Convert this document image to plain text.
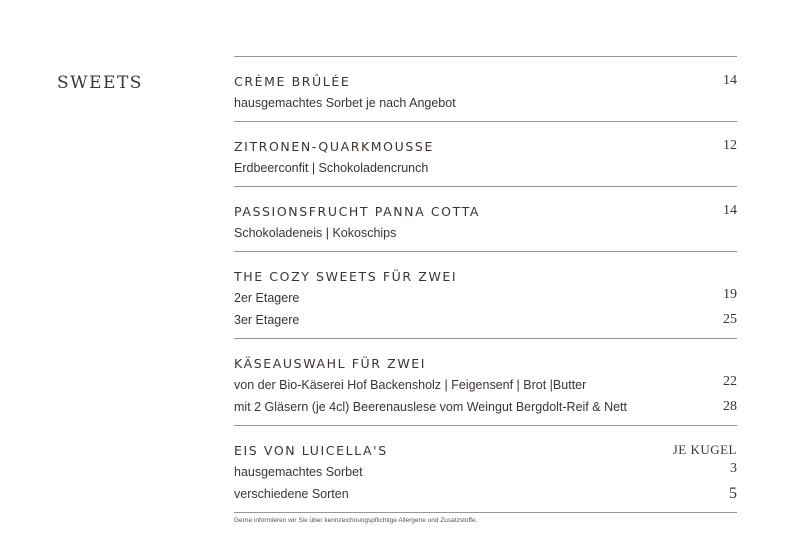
SWEETS	CRÈME BRÛLÉE	14
hausgemachtes Sorbet je nach Angebot
ZITRONEN-QUARKMOUSSE	12
Erdbeerconfit | Schokoladencrunch
PASSIONSFRUCHT PANNA COTTA	14
Schokoladeneis | Kokoschips
THE COZY SWEETS FÜR ZWEI
2er Etagere	19
3er Etagere	25
KÄSEAUSWAHL FÜR ZWEI
von der Bio-Käserei Hof Backensholz | Feigensenf | Brot |Butter	22
mit 2 Gläsern (je 4cl) Beerenauslese vom Weingut Bergdolt-Reif & Nett	28
EIS VON LUICELLA'S	JE KUGEL
hausgemachtes Sorbet	3
verschiedene Sorten	5
Gerne informieren wir Sie über kennzeichnungspflichtige Allergene und Zusatzstoffe.
